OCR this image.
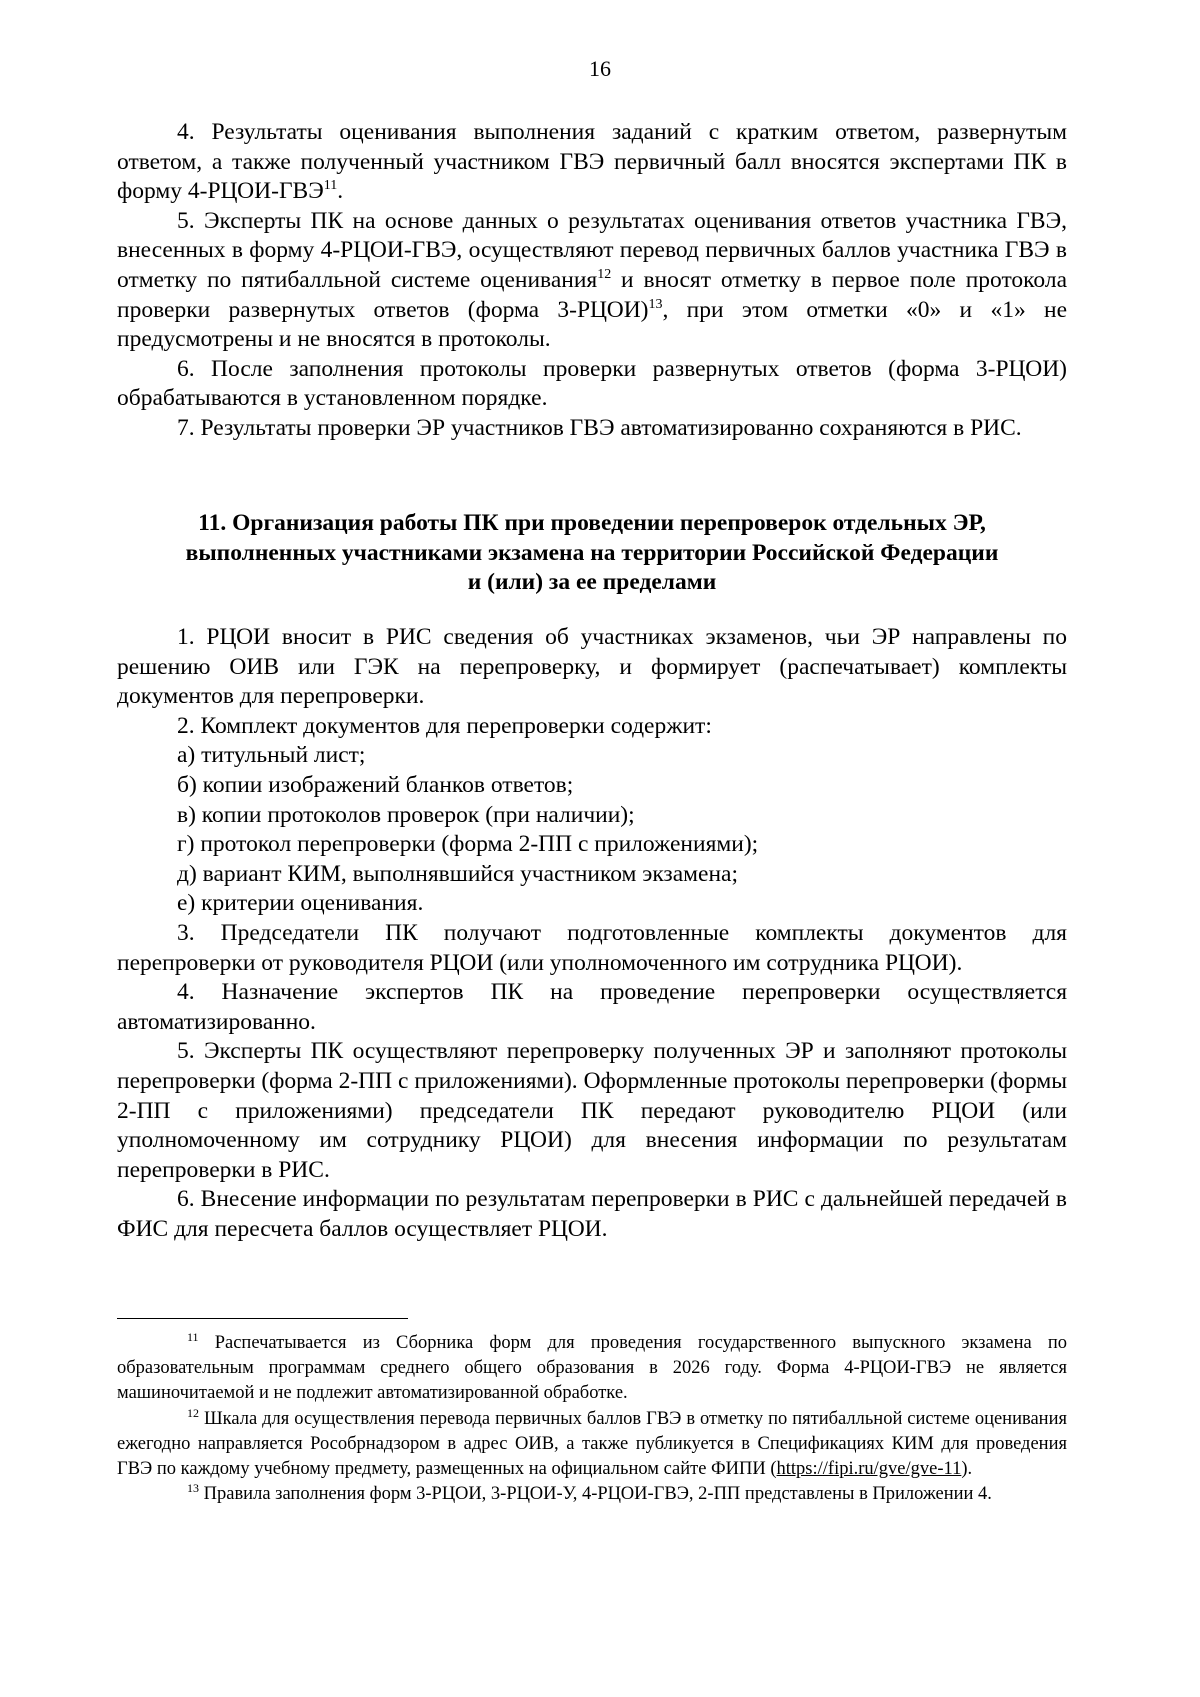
16

4. Результаты оценивания выполнения заданий с кратким ответом, развернутым ответом, а также полученный участником ГВЭ первичный балл вносятся экспертами ПК в форму 4-РЦОИ-ГВЭ$^{11}$.

5. Эксперты ПК на основе данных о результатах оценивания ответов участника ГВЭ, внесенных в форму 4-РЦОИ-ГВЭ, осуществляют перевод первичных баллов участника ГВЭ в отметку по пятибалльной системе оценивания$^{12}$ и вносят отметку в первое поле протокола проверки развернутых ответов (форма 3-РЦОИ)$^{13}$, при этом отметки «0» и «1» не предусмотрены и не вносятся в протоколы.

6. После заполнения протоколы проверки развернутых ответов (форма 3-РЦОИ) обрабатываются в установленном порядке.

7. Результаты проверки ЭР участников ГВЭ автоматизированно сохраняются в РИС.

11. Организация работы ПК при проведении перепроверок отдельных ЭР,
выполненных участниками экзамена на территории Российской Федерации
и (или) за ее пределами

1. РЦОИ вносит в РИС сведения об участниках экзаменов, чьи ЭР направлены по решению ОИВ или ГЭК на перепроверку, и формирует (распечатывает) комплекты документов для перепроверки.

2. Комплект документов для перепроверки содержит:

а) титульный лист;

б) копии изображений бланков ответов;

в) копии протоколов проверок (при наличии);

г) протокол перепроверки (форма 2-ПП с приложениями);

д) вариант КИМ, выполнявшийся участником экзамена;

е) критерии оценивания.

3. Председатели ПК получают подготовленные комплекты документов для перепроверки от руководителя РЦОИ (или уполномоченного им сотрудника РЦОИ).

4. Назначение экспертов ПК на проведение перепроверки осуществляется автоматизированно.

5. Эксперты ПК осуществляют перепроверку полученных ЭР и заполняют протоколы перепроверки (форма 2-ПП с приложениями). Оформленные протоколы перепроверки (формы 2-ПП с приложениями) председатели ПК передают руководителю РЦОИ (или уполномоченному им сотруднику РЦОИ) для внесения информации по результатам перепроверки в РИС.

6. Внесение информации по результатам перепроверки в РИС с дальнейшей передачей в ФИС для пересчета баллов осуществляет РЦОИ.

$^{11}$ Распечатывается из Сборника форм для проведения государственного выпускного экзамена по образовательным программам среднего общего образования в 2026 году. Форма 4-РЦОИ-ГВЭ не является машиночитаемой и не подлежит автоматизированной обработке.

$^{12}$ Шкала для осуществления перевода первичных баллов ГВЭ в отметку по пятибалльной системе оценивания ежегодно направляется Рособрнадзором в адрес ОИВ, а также публикуется в Спецификациях КИМ для проведения ГВЭ по каждому учебному предмету, размещенных на официальном сайте ФИПИ (https://fipi.ru/gve/gve-11).

$^{13}$ Правила заполнения форм 3-РЦОИ, 3-РЦОИ-У, 4-РЦОИ-ГВЭ, 2-ПП представлены в Приложении 4.
